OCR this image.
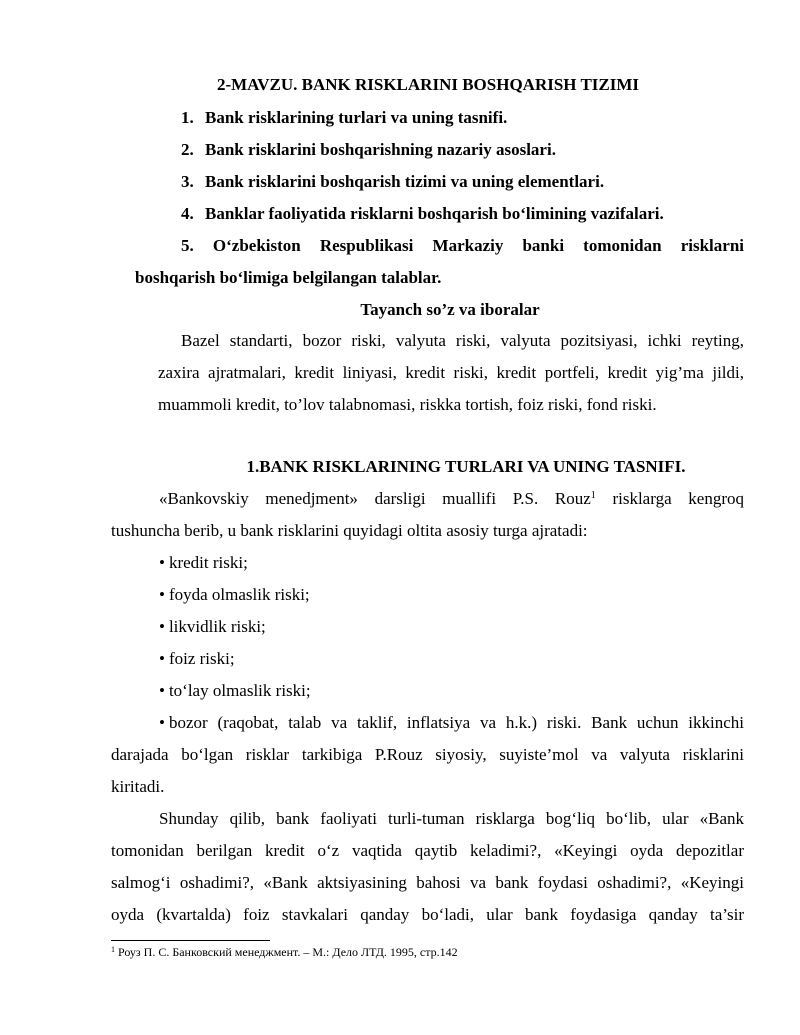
2-MAVZU. BANK RISKLARINI BOSHQARISH TIZIMI
1. Bank risklarining turlari va uning tasnifi.
2. Bank risklarini boshqarishning nazariy asoslari.
3. Bank risklarini boshqarish tizimi va uning elementlari.
4. Banklar faoliyatida risklarni boshqarish bo‘limining vazifalari.
5. O‘zbekiston Respublikasi Markaziy banki tomonidan risklarni
boshqarish bo‘limiga belgilangan talablar.
Tayanch so’z va iboralar
Bazel standarti, bozor riski, valyuta riski, valyuta pozitsiyasi, ichki reyting,
zaxira ajratmalari, kredit liniyasi, kredit riski, kredit portfeli, kredit yig’ma jildi,
muammoli kredit, to’lov talabnomasi, riskka tortish, foiz riski, fond riski.
1.BANK RISKLARINING TURLARI VA UNING TASNIFI.
«Bankovskiy menedjment» darsligi muallifi P.S. Rouz$^1$ risklarga kengroq
tushuncha berib, u bank risklarini quyidagi oltita asosiy turga ajratadi:
• kredit riski;
• foyda olmaslik riski;
• likvidlik riski;
• foiz riski;
• to‘lay olmaslik riski;
• bozor (raqobat, talab va taklif, inflatsiya va h.k.) riski. Bank uchun ikkinchi
darajada bo‘lgan risklar tarkibiga P.Rouz siyosiy, suyiste’mol va valyuta risklarini
kiritadi.
Shunday qilib, bank faoliyati turli-tuman risklarga bog‘liq bo‘lib, ular «Bank
tomonidan berilgan kredit o‘z vaqtida qaytib keladimi?, «Keyingi oyda depozitlar
salmog‘i oshadimi?, «Bank aktsiyasining bahosi va bank foydasi oshadimi?, «Keyingi
oyda (kvartalda) foiz stavkalari qanday bo‘ladi, ular bank foydasiga qanday ta’sir
$^1$ Роуз П. С. Банковский менеджмент. – М.: Дело ЛТД. 1995, стр.142
